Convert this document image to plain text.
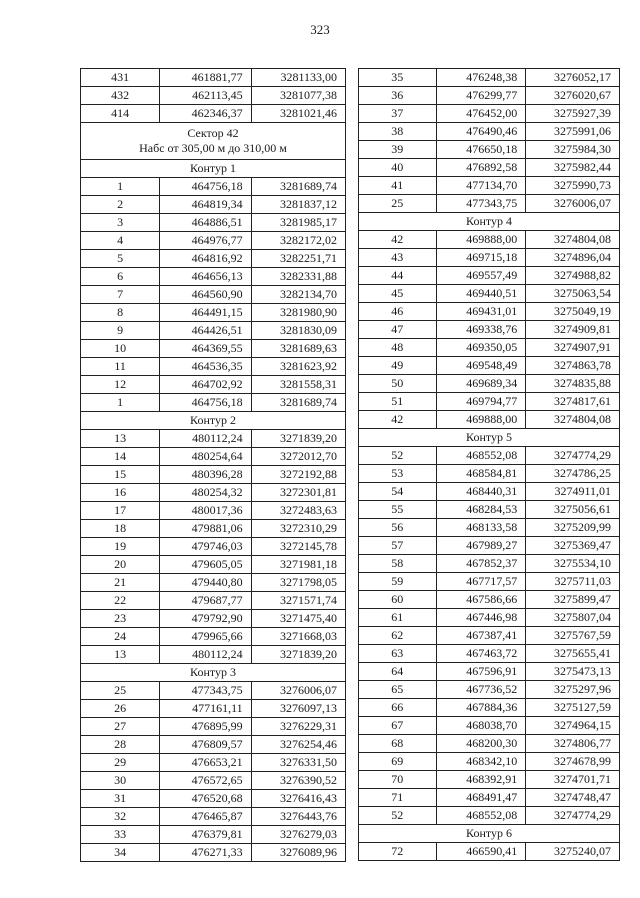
323
431	461881,77	3281133,00
432	462113,45	3281077,38
414	462346,37	3281021,46

Сектор 42
Набс от 305,00 м до 310,00 м		

Контур 1		
1	464756,18	3281689,74
2	464819,34	3281837,12
3	464886,51	3281985,17
4	464976,77	3282172,02
5	464816,92	3282251,71
6	464656,13	3282331,88
7	464560,90	3282134,70
8	464491,15	3281980,90
9	464426,51	3281830,09
10	464369,55	3281689,63
11	464536,35	3281623,92
12	464702,92	3281558,31
1	464756,18	3281689,74
Контур 2		
13	480112,24	3271839,20
14	480254,64	3272012,70
15	480396,28	3272192,88
16	480254,32	3272301,81
17	480017,36	3272483,63
18	479881,06	3272310,29
19	479746,03	3272145,78
20	479605,05	3271981,18
21	479440,80	3271798,05
22	479687,77	3271571,74
23	479792,90	3271475,40
24	479965,66	3271668,03
13	480112,24	3271839,20
Контур 3		
25	477343,75	3276006,07
26	477161,11	3276097,13
27	476895,99	3276229,31
28	476809,57	3276254,46
29	476653,21	3276331,50
30	476572,65	3276390,52
31	476520,68	3276416,43
32	476465,87	3276443,76
33	476379,81	3276279,03
34	476271,33	3276089,96
35	476248,38	3276052,17
36	476299,77	3276020,67
37	476452,00	3275927,39
38	476490,46	3275991,06
39	476650,18	3275984,30
40	476892,58	3275982,44
41	477134,70	3275990,73
25	477343,75	3276006,07
Контур 4		
42	469888,00	3274804,08
43	469715,18	3274896,04
44	469557,49	3274988,82
45	469440,51	3275063,54
46	469431,01	3275049,19
47	469338,76	3274909,81
48	469350,05	3274907,91
49	469548,49	3274863,78
50	469689,34	3274835,88
51	469794,77	3274817,61
42	469888,00	3274804,08
Контур 5		
52	468552,08	3274774,29
53	468584,81	3274786,25
54	468440,31	3274911,01
55	468284,53	3275056,61
56	468133,58	3275209,99
57	467989,27	3275369,47
58	467852,37	3275534,10
59	467717,57	3275711,03
60	467586,66	3275899,47
61	467446,98	3275807,04
62	467387,41	3275767,59
63	467463,72	3275655,41
64	467596,91	3275473,13
65	467736,52	3275297,96
66	467884,36	3275127,59
67	468038,70	3274964,15
68	468200,30	3274806,77
69	468342,10	3274678,99
70	468392,91	3274701,71
71	468491,47	3274748,47
52	468552,08	3274774,29
Контур 6		
72	466590,41	3275240,07
